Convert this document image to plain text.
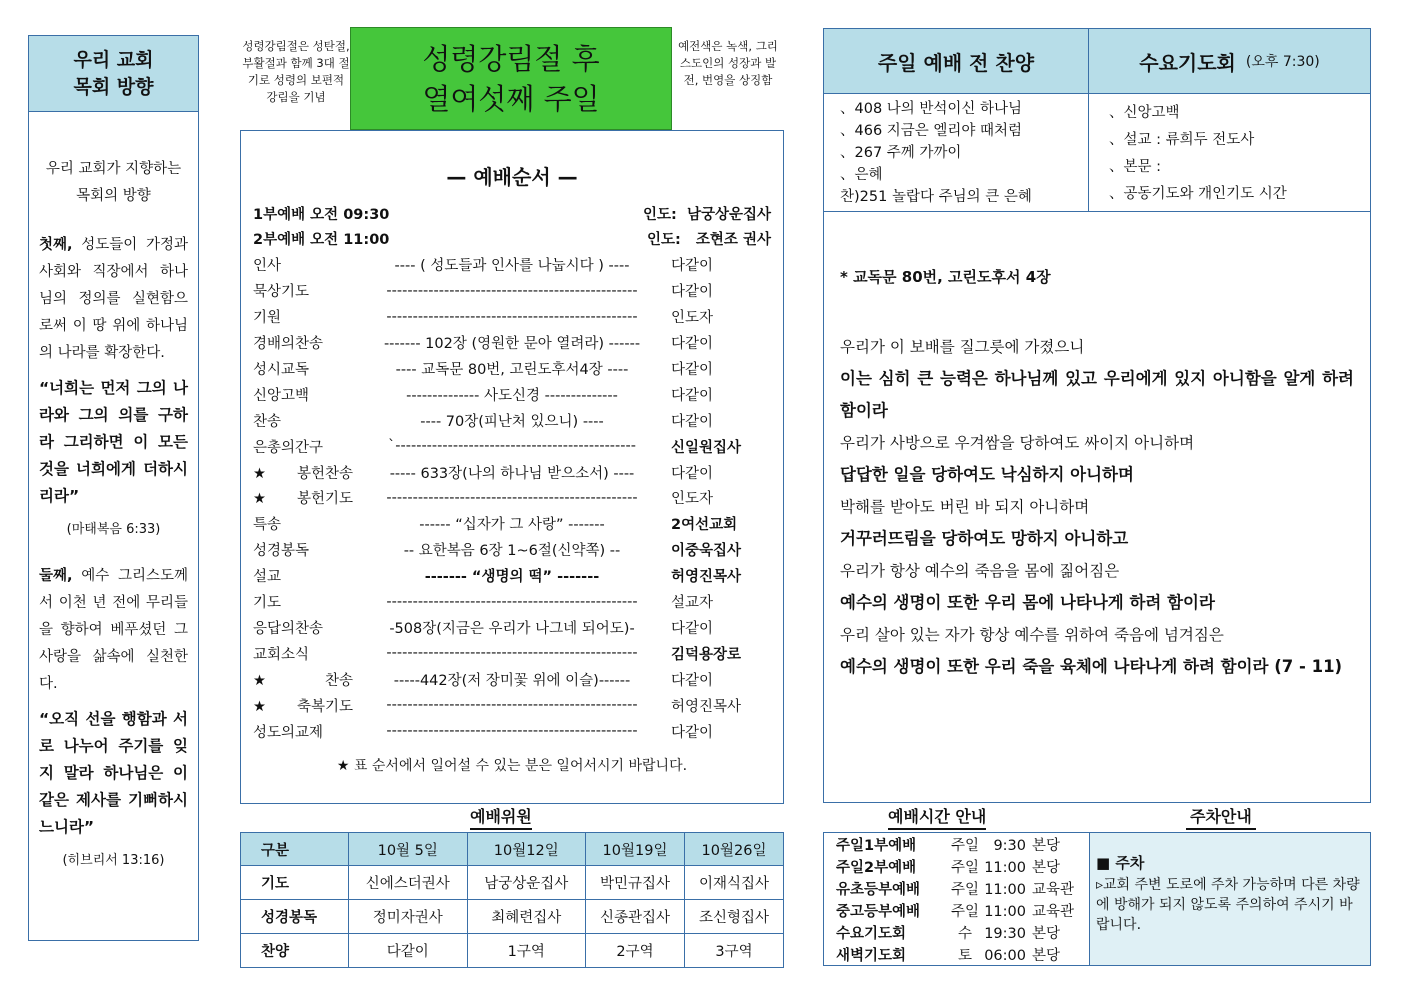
우리 교회
목회 방향

우리 교회가 지향하는 목회의 방향

첫째, 성도들이 가정과 사회와 직장에서 하나님의 정의를 실현함으로써 이 땅 위에 하나님의 나라를 확장한다.

“너희는 먼저 그의 나라와 그의 의를 구하라 그리하면 이 모든 것을 너희에게 더하시리라”

(마태복음 6:33)

둘째, 예수 그리스도께서 이천 년 전에 무리들을 향하여 베푸셨던 그 사랑을 삶속에 실천한다.

“오직 선을 행함과 서로 나누어 주기를 잊지 말라 하나님은 이 같은 제사를 기뻐하시느니라”

(히브리서 13:16)

성령강림절은 성탄절, 부활절과 함께 3대 절기로 성령의 보편적 강림을 기념
성령강림절 후
열여섯째 주일
예전색은 녹색, 그리스도인의 성장과 발전, 번영을 상징함
— 예배순서 —
1부예배 오전 09:30	인도:  남궁상운집사
2부예배 오전 11:00	인도:   조현조 권사
인사	---- ( 성도들과 인사를 나눕시다 ) ----	다같이
묵상기도	------------------------------------------------	다같이
기원	------------------------------------------------	인도자
경배의찬송	------- 102장 (영원한 문아 열려라) ------	다같이
성시교독	---- 교독문 80번, 고린도후서4장 ----	다같이
신앙고백	-------------- 사도신경 --------------	다같이
찬송	---- 70장(피난처 있으니) ----	다같이
은총의간구	`----------------------------------------------	신일원집사
★봉헌찬송	----- 633장(나의 하나님 받으소서) ----	다같이
★봉헌기도	------------------------------------------------	인도자
특송	------ “십자가 그 사랑” -------	2여선교회
성경봉독	-- 요한복음 6장 1~6절(신약쪽) --	이중욱집사
설교	------- “생명의 떡” -------	허영진목사
기도	------------------------------------------------	설교자
응답의찬송	-508장(지금은 우리가 나그네 되어도)-	다같이
교회소식	------------------------------------------------	김덕용장로
★찬송	-----442장(저 장미꽃 위에 이슬)------	다같이
★축복기도	------------------------------------------------	허영진목사
성도의교제	------------------------------------------------	다같이
★ 표 순서에서 일어설 수 있는 분은 일어서시기 바랍니다.
예배위원
구분	10월 5일	10월12일	10월19일	10월26일
기도	신에스더권사	남궁상운집사	박민규집사	이재식집사
성경봉독	정미자권사	최혜련집사	신종관집사	조신형집사
찬양	다같이	1구역	2구역	3구역
주일 예배 전 찬양	수요기도회 (오후 7:30)
、408 나의 반석이신 하나님
、466 지금은 엘리야 때처럼
、267 주께 가까이
、은혜
찬)251 놀랍다 주님의 큰 은혜
、신앙고백
、설교 : 류희두 전도사
、본문 :
、공동기도와 개인기도 시간
* 교독문 80번, 고린도후서 4장

우리가 이 보배를 질그릇에 가졌으니

이는 심히 큰 능력은 하나님께 있고 우리에게 있지 아니함을 알게 하려 함이라

우리가 사방으로 우겨쌈을 당하여도 싸이지 아니하며

답답한 일을 당하여도 낙심하지 아니하며

박해를 받아도 버린 바 되지 아니하며

거꾸러뜨림을 당하여도 망하지 아니하고

우리가 항상 예수의 죽음을 몸에 짊어짐은

예수의 생명이 또한 우리 몸에 나타나게 하려 함이라

우리 살아 있는 자가 항상 예수를 위하여 죽음에 넘겨짐은

예수의 생명이 또한 우리 죽을 육체에 나타나게 하려 함이라 (7 - 11)

예배시간 안내	주차안내
주일1부예배	주일 9:30 본당
주일2부예배	주일 11:00 본당
유초등부예배	주일 11:00 교육관
중고등부예배	주일 11:00 교육관
수요기도회	수 19:30 본당
새벽기도회	토 06:00 본당
■ 주차
▹교회 주변 도로에 주차 가능하며 다른 차량에 방해가 되지 않도록 주의하여 주시기 바랍니다.
